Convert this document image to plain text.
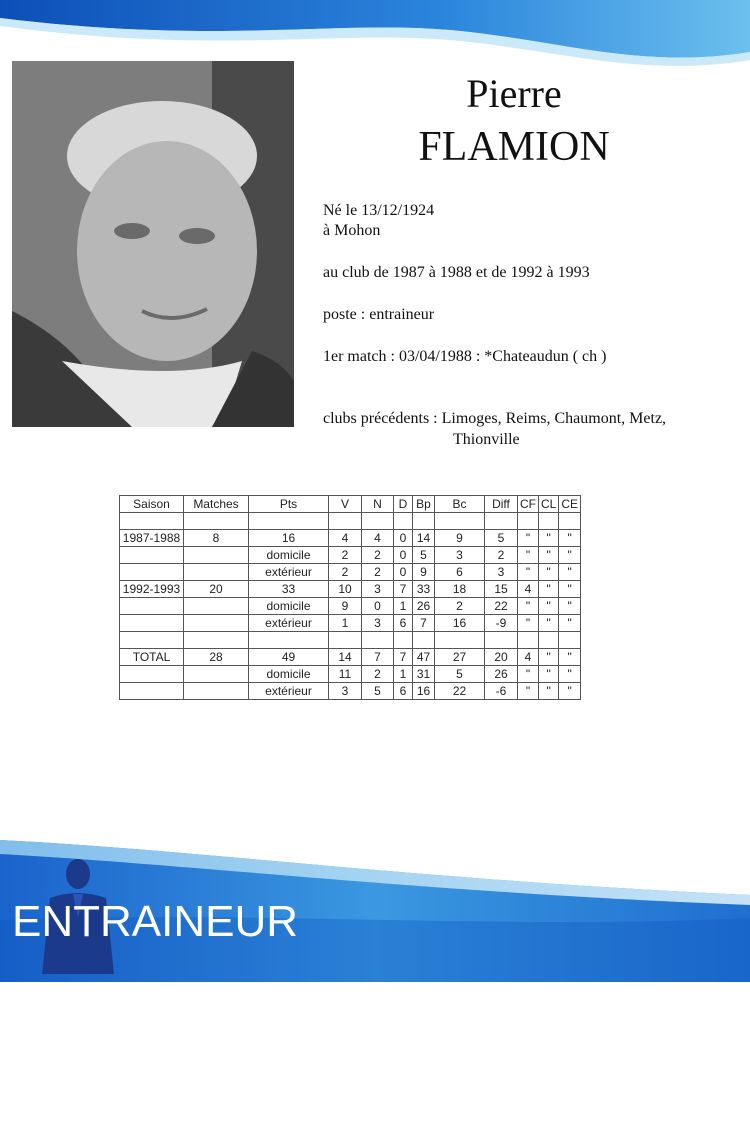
Pierre
FLAMION
Né le 13/12/1924
à Mohon
au club de 1987 à 1988 et de 1992 à 1993
poste : entraineur
1er match : 03/04/1988 : *Chateaudun ( ch )
clubs précédents : Limoges, Reims, Chaumont, Metz,
Thionville
Saison	Matches	Pts	V	N	D	Bp	Bc	Diff	CF	CL	CE

1987-1988	8	16	4	4	0	14	9	5	"	"	"
		domicile	2	2	0	5	3	2	"	"	"
		extérieur	2	2	0	9	6	3	"	"	"
1992-1993	20	33	10	3	7	33	18	15	4	"	"
		domicile	9	0	1	26	2	22	"	"	"
		extérieur	1	3	6	7	16	-9	"	"	"

TOTAL	28	49	14	7	7	47	27	20	4	"	"
		domicile	11	2	1	31	5	26	"	"	"
		extérieur	3	5	6	16	22	-6	"	"	"
ENTRAINEUR
